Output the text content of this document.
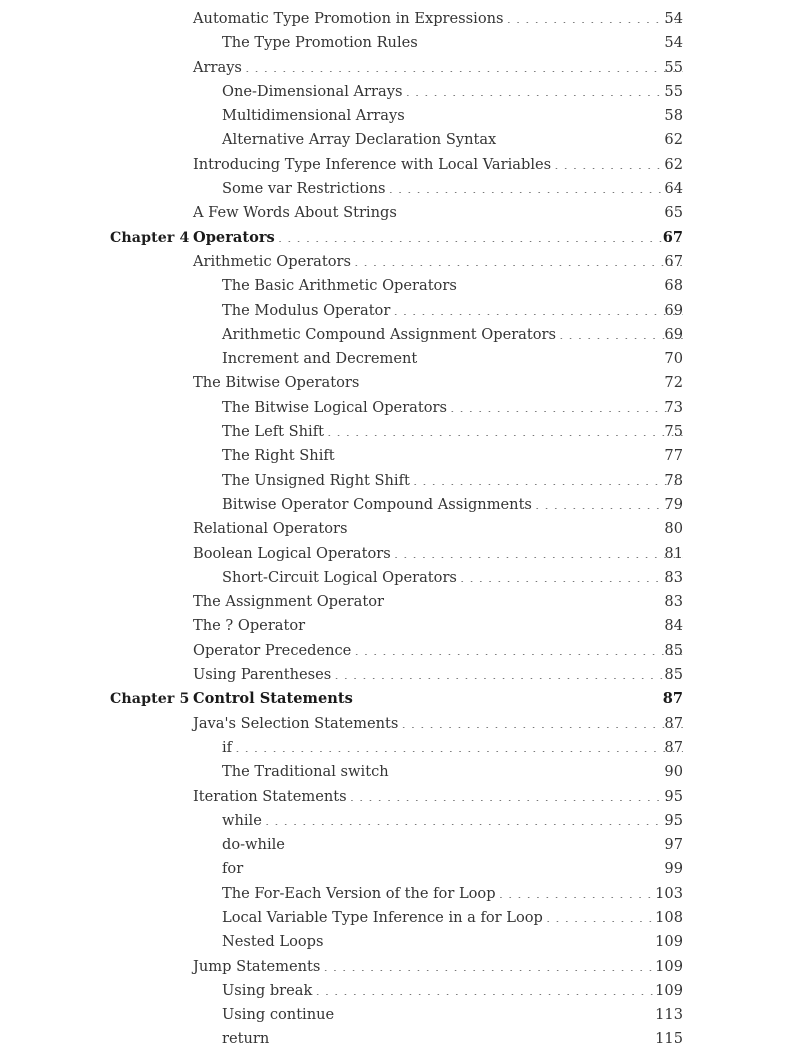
Automatic Type Promotion in Expressions . . .	54
The Type Promotion Rules . . .	54
Arrays . . .	55
One-Dimensional Arrays . . .	55
Multidimensional Arrays . . .	58
Alternative Array Declaration Syntax . . .	62
Introducing Type Inference with Local Variables . . .	62
Some var Restrictions . . .	64
A Few Words About Strings . . .	65
Chapter 4 Operators . . .	67
Arithmetic Operators . . .	67
The Basic Arithmetic Operators . . .	68
The Modulus Operator . . .	69
Arithmetic Compound Assignment Operators . . .	69
Increment and Decrement . . .	70
The Bitwise Operators . . .	72
The Bitwise Logical Operators . . .	73
The Left Shift . . .	75
The Right Shift . . .	77
The Unsigned Right Shift . . .	78
Bitwise Operator Compound Assignments . . .	79
Relational Operators . . .	80
Boolean Logical Operators . . .	81
Short-Circuit Logical Operators . . .	83
The Assignment Operator . . .	83
The ? Operator . . .	84
Operator Precedence . . .	85
Using Parentheses . . .	85
Chapter 5 Control Statements . . .	87
Java's Selection Statements . . .	87
if . . .	87
The Traditional switch . . .	90
Iteration Statements . . .	95
while . . .	95
do-while . . .	97
for . . .	99
The For-Each Version of the for Loop . . .	103
Local Variable Type Inference in a for Loop . . .	108
Nested Loops . . .	109
Jump Statements . . .	109
Using break . . .	109
Using continue . . .	113
return . . .	115
